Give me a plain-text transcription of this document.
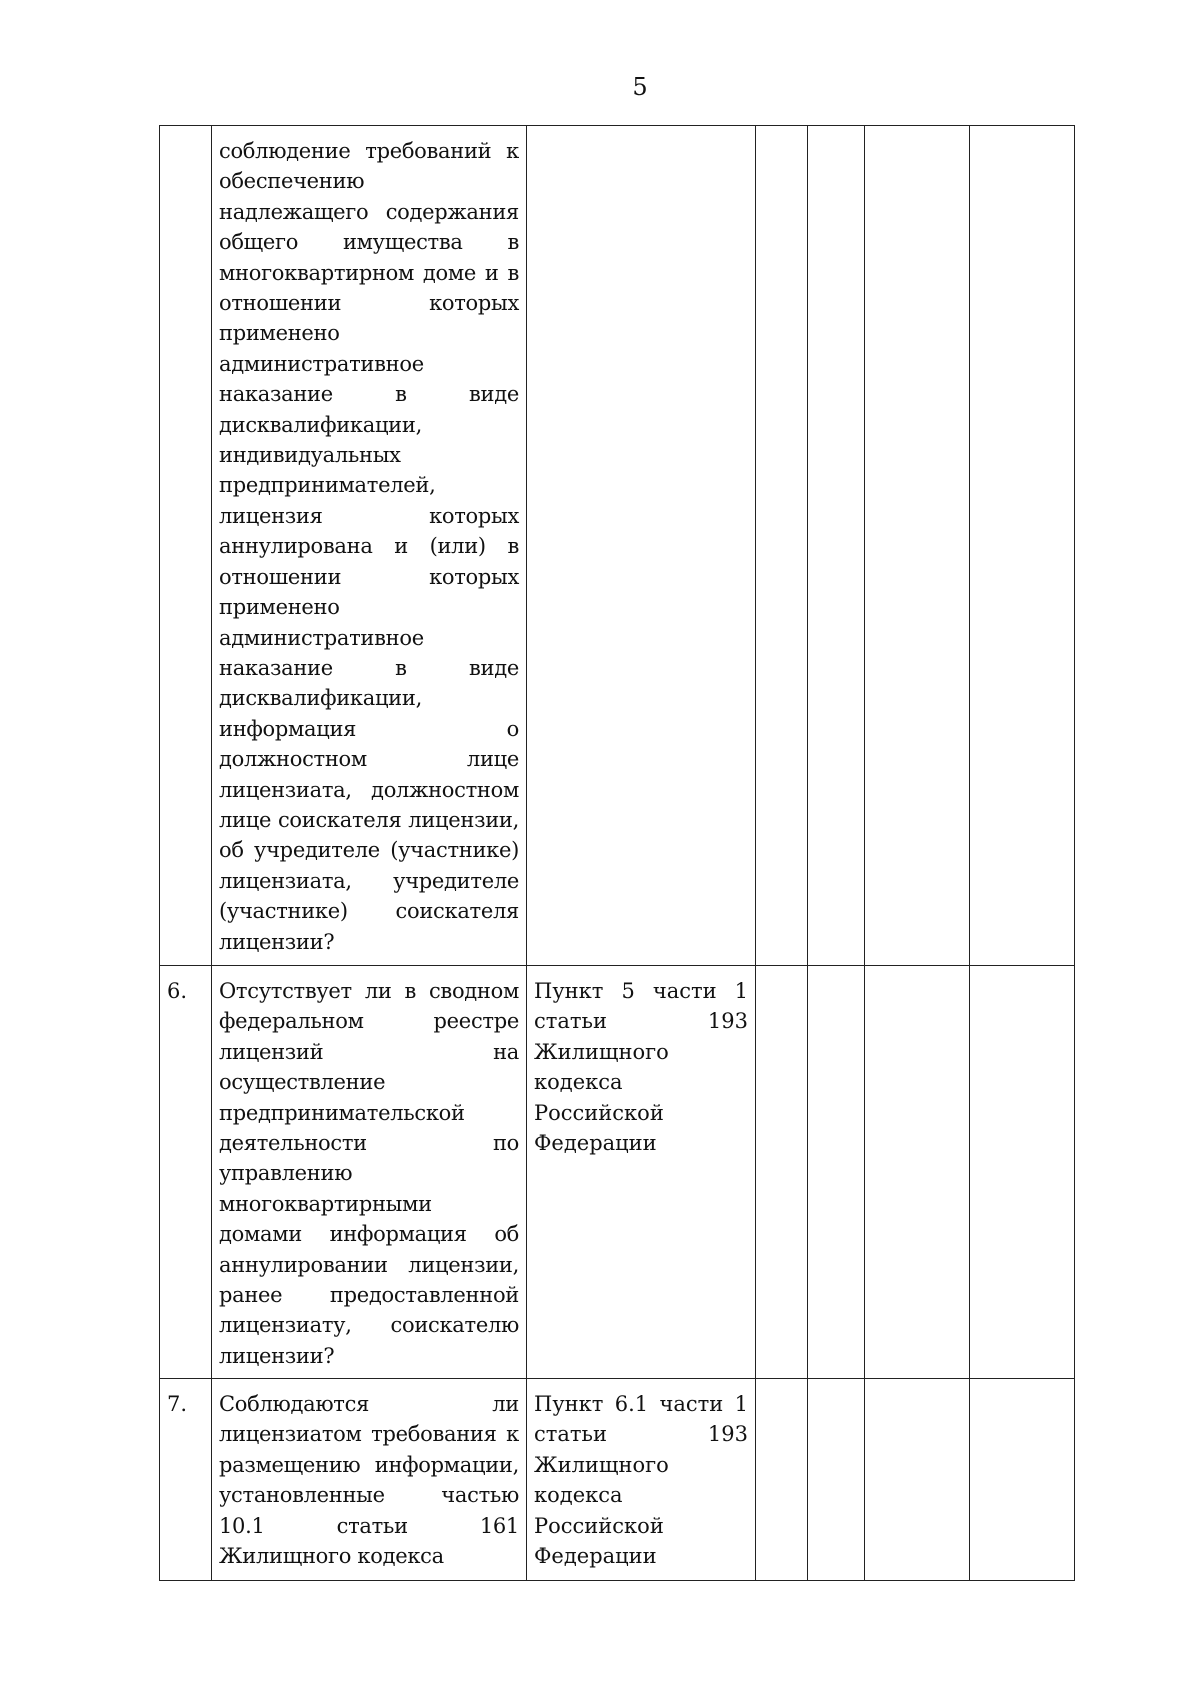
5
	соблюдение требований к обеспечению надлежащего содержания общего имущества в многоквартирном доме и в отношении которых применено административное наказание в виде дисквалификации, индивидуальных предпринимателей, лицензия которых аннулирована и (или) в отношении которых применено административное наказание в виде дисквалификации, информация о должностном лице лицензиата, должностном лице соискателя лицензии, об учредителе (участнике) лицензиата, учредителе (участнике) соискателя лицензии?					
6.	Отсутствует ли в сводном федеральном реестре лицензий на осуществление предпринимательской деятельности по управлению многоквартирными домами информация об аннулировании лицензии, ранее предоставленной лицензиату, соискателю лицензии?	Пункт 5 части 1 статьи 193 Жилищного кодекса Российской Федерации				
7.	Соблюдаются ли лицензиатом требования к размещению информации, установленные частью 10.1 статьи 161 Жилищного кодекса	Пункт 6.1 части 1 статьи 193 Жилищного кодекса Российской Федерации				
